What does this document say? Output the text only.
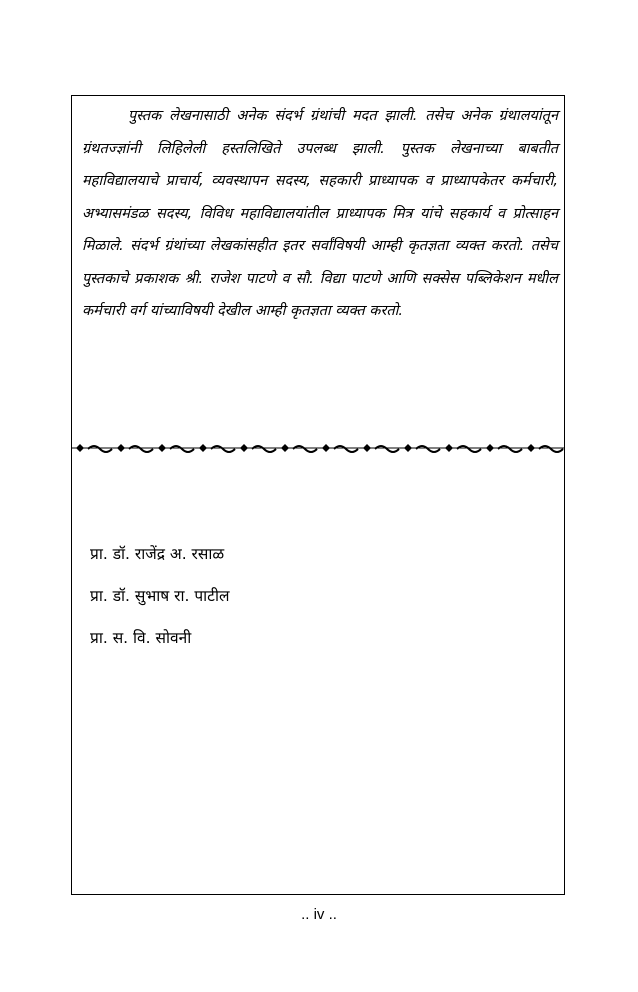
पुस्तक लेखनासाठी अनेक संदर्भ ग्रंथांची मदत झाली. तसेच अनेक ग्रंथालयांतून ग्रंथतज्ज्ञांनी लिहिलेली हस्तलिखिते उपलब्ध झाली. पुस्तक लेखनाच्या बाबतीत महाविद्यालयाचे प्राचार्य, व्यवस्थापन सदस्य, सहकारी प्राध्यापक व प्राध्यापकेतर कर्मचारी, अभ्यासमंडळ सदस्य, विविध महाविद्यालयांतील प्राध्यापक मित्र यांचे सहकार्य व प्रोत्साहन मिळाले. संदर्भ ग्रंथांच्या लेखकांसहीत इतर सर्वांविषयी आम्ही कृतज्ञता व्यक्त करतो. तसेच पुस्तकाचे प्रकाशक श्री. राजेश पाटणे व सौ. विद्या पाटणे आणि सक्सेस पब्लिकेशन मधील कर्मचारी वर्ग यांच्याविषयी देखील आम्ही कृतज्ञता व्यक्त करतो.

प्रा. डॉ. राजेंद्र अ. रसाळ
प्रा. डॉ. सुभाष रा. पाटील
प्रा. स. वि. सोवनी
.. iv ..
